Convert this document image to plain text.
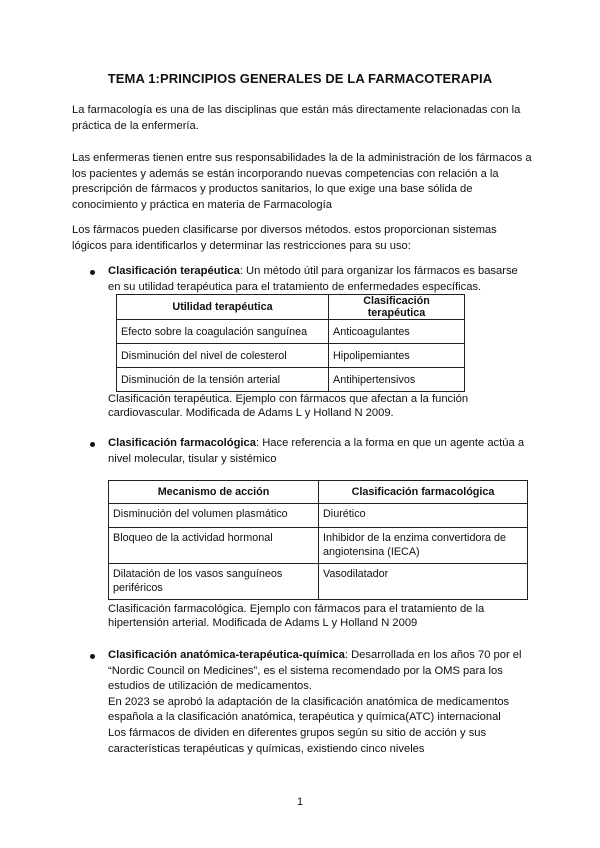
TEMA 1:PRINCIPIOS GENERALES DE LA FARMACOTERAPIA

La farmacología es una de las disciplinas que están más directamente relacionadas con la práctica de la enfermería.

Las enfermeras tienen entre sus responsabilidades la de la administración de los fármacos a los pacientes y además se están incorporando nuevas competencias con relación a la prescripción de fármacos y productos sanitarios, lo que exige una base sólida de conocimiento y práctica en materia de Farmacología

Los fármacos pueden clasificarse por diversos métodos. estos proporcionan sistemas lógicos para identificarlos y determinar las restricciones para su uso:

Clasificación terapéutica: Un método útil para organizar los fármacos es basarse en su utilidad terapéutica para el tratamiento de enfermedades específicas.

Utilidad terapéutica	Clasificación terapéutica
Efecto sobre la coagulación sanguínea	Anticoagulantes
Disminución del nivel de colesterol	Hipolipemiantes
Disminución de la tensión arterial	Antihipertensivos

Clasificación terapéutica. Ejemplo con fármacos que afectan a la función cardiovascular. Modificada de Adams L y Holland N 2009.

Clasificación farmacológica: Hace referencia a la forma en que un agente actúa a nivel molecular, tisular y sistémico

Mecanismo de acción	Clasificación farmacológica
Disminución del volumen plasmático	Diurético
Bloqueo de la actividad hormonal	Inhibidor de la enzima convertidora de angiotensina (IECA)
Dilatación de los vasos sanguíneos periféricos	Vasodilatador

Clasificación farmacológica. Ejemplo con fármacos para el tratamiento de la hipertensión arterial. Modificada de Adams L y Holland N 2009

Clasificación anatómica-terapéutica-química: Desarrollada en los años 70 por el “Nordic Council on Medicines”, es el sistema recomendado por la OMS para los estudios de utilización de medicamentos.
En 2023 se aprobó la adaptación de la clasificación anatómica de medicamentos española a la clasificación anatómica, terapéutica y química(ATC) internacional
Los fármacos de dividen en diferentes grupos según su sitio de acción y sus características terapéuticas y químicas, existiendo cinco niveles
1
